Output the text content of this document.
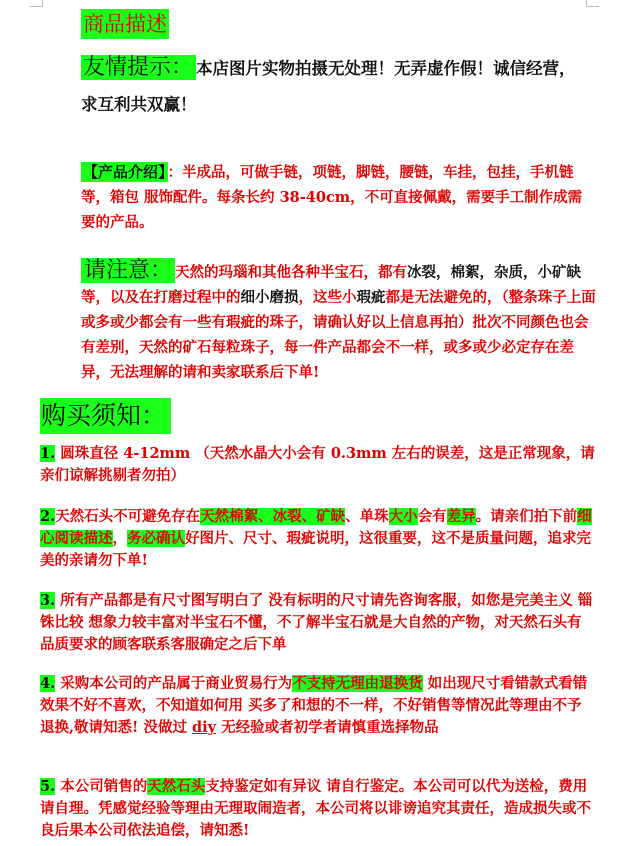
商品描述
友情提示： 本店图片实物拍摄无处理！无弄虚作假！诚信经营，求互利共双赢！
【产品介绍】 ：半成品，可做手链，项链，脚链，腰链，车挂，包挂，手机链等，箱包 服饰配件。每条长约 38-40cm，不可直接佩戴，需要手工制作成需要的产品。
请注意： 天然的玛瑙和其他各种半宝石，都有冰裂，棉絮，杂质，小矿缺 等，以及在打磨过程中的细小磨损，这些小瑕疵都是无法避免的，（整条珠子上面或多或少都会有一些有瑕疵的珠子，请确认好以上信息再拍）批次不同颜色也会有差别，天然的矿石每粒珠子，每一件产品都会不一样，或多或少必定存在差异，无法理解的请和卖家联系后下单!
购买须知：
1. 圆珠直径 4-12mm （天然水晶大小会有 0.3mm 左右的误差，这是正常现象，请亲们谅解挑剔者勿拍）
2.天然石头不可避免存在天然棉絮、冰裂、矿缺、单珠大小会有差异。请亲们拍下前细心阅读描述，务必确认好图片、尺寸、瑕疵说明，这很重要，这不是质量问题，追求完美的亲请勿下单!
3. 所有产品都是有尺寸图写明白了 没有标明的尺寸请先咨询客服，如您是完美主义 锱铢比较 想象力较丰富对半宝石不懂，不了解半宝石就是大自然的产物，对天然石头有品质要求的顾客联系客服确定之后下单
4. 采购本公司的产品属于商业贸易行为不支持无理由退换货 如出现尺寸看错款式看错 效果不好不喜欢，不知道如何用 买多了和想的不一样，不好销售等情况此等理由不予退换,敬请知悉! 没做过 diy 无经验或者初学者请慎重选择物品
5. 本公司销售的天然石头支持鉴定如有异议 请自行鉴定。本公司可以代为送检，费用请自理。凭感觉经验等理由无理取闹造者，本公司将以诽谤追究其责任，造成损失或不良后果本公司依法追偿，请知悉!
